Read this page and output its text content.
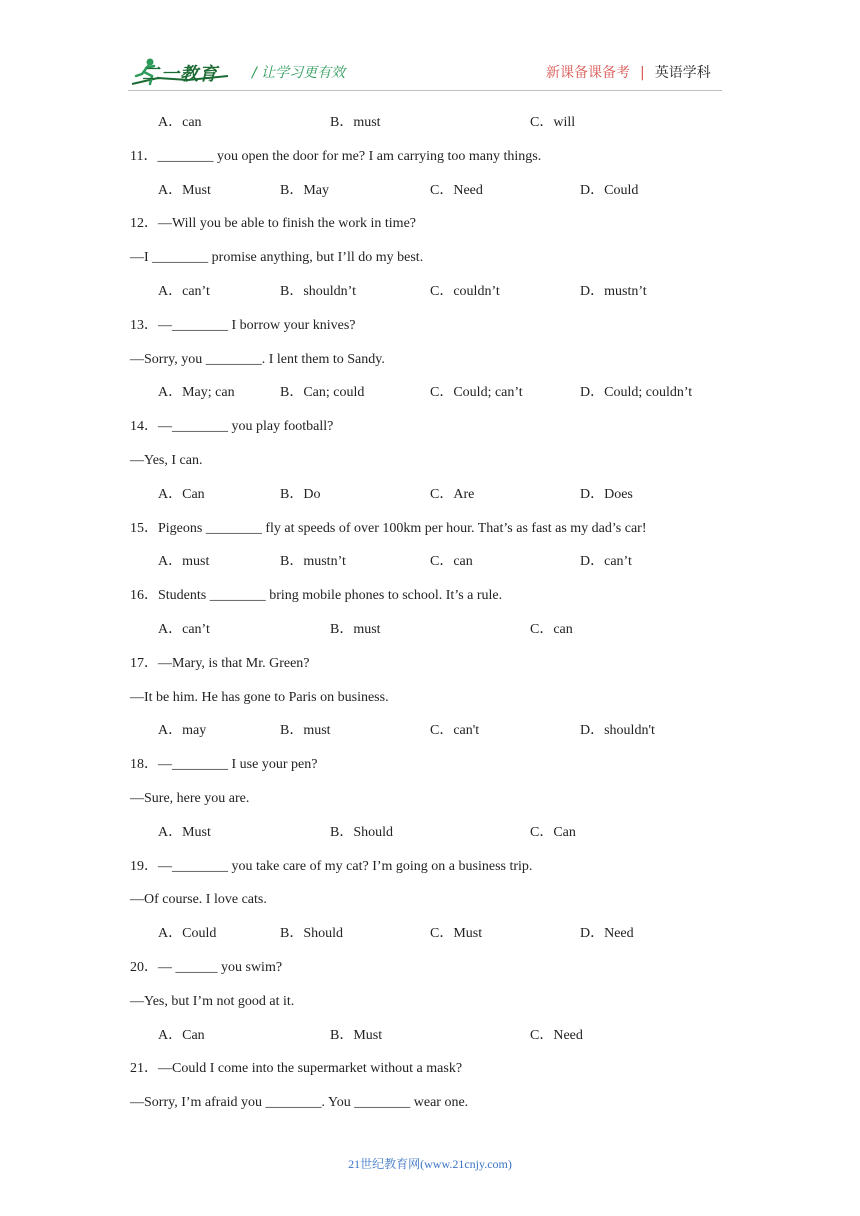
二一教育 / 让学习更有效	新课备课备考 | 英语学科
A．can	B．must	C．will
11．________ you open the door for me? I am carrying too many things.
A．Must	B．May	C．Need	D．Could
12．—Will you be able to finish the work in time?
—I ________ promise anything, but I’ll do my best.
A．can’t	B．shouldn’t	C．couldn’t	D．mustn’t
13．—________ I borrow your knives?
—Sorry, you ________. I lent them to Sandy.
A．May; can	B．Can; could	C．Could; can’t	D．Could; couldn’t
14．—________ you play football?
—Yes, I can.
A．Can	B．Do	C．Are	D．Does
15．Pigeons ________ fly at speeds of over 100km per hour. That’s as fast as my dad’s car!
A．must	B．mustn’t	C．can	D．can’t
16．Students ________ bring mobile phones to school. It’s a rule.
A．can’t	B．must	C．can
17．—Mary, is that Mr. Green?
—It be him. He has gone to Paris on business.
A．may	B．must	C．can't	D．shouldn't
18．—________ I use your pen?
—Sure, here you are.
A．Must	B．Should	C．Can
19．—________ you take care of my cat? I’m going on a business trip.
—Of course. I love cats.
A．Could	B．Should	C．Must	D．Need
20．— ______ you swim?
—Yes, but I’m not good at it.
A．Can	B．Must	C．Need
21．—Could I come into the supermarket without a mask?
—Sorry, I’m afraid you ________. You ________ wear one.
21世纪教育网(www.21cnjy.com)
